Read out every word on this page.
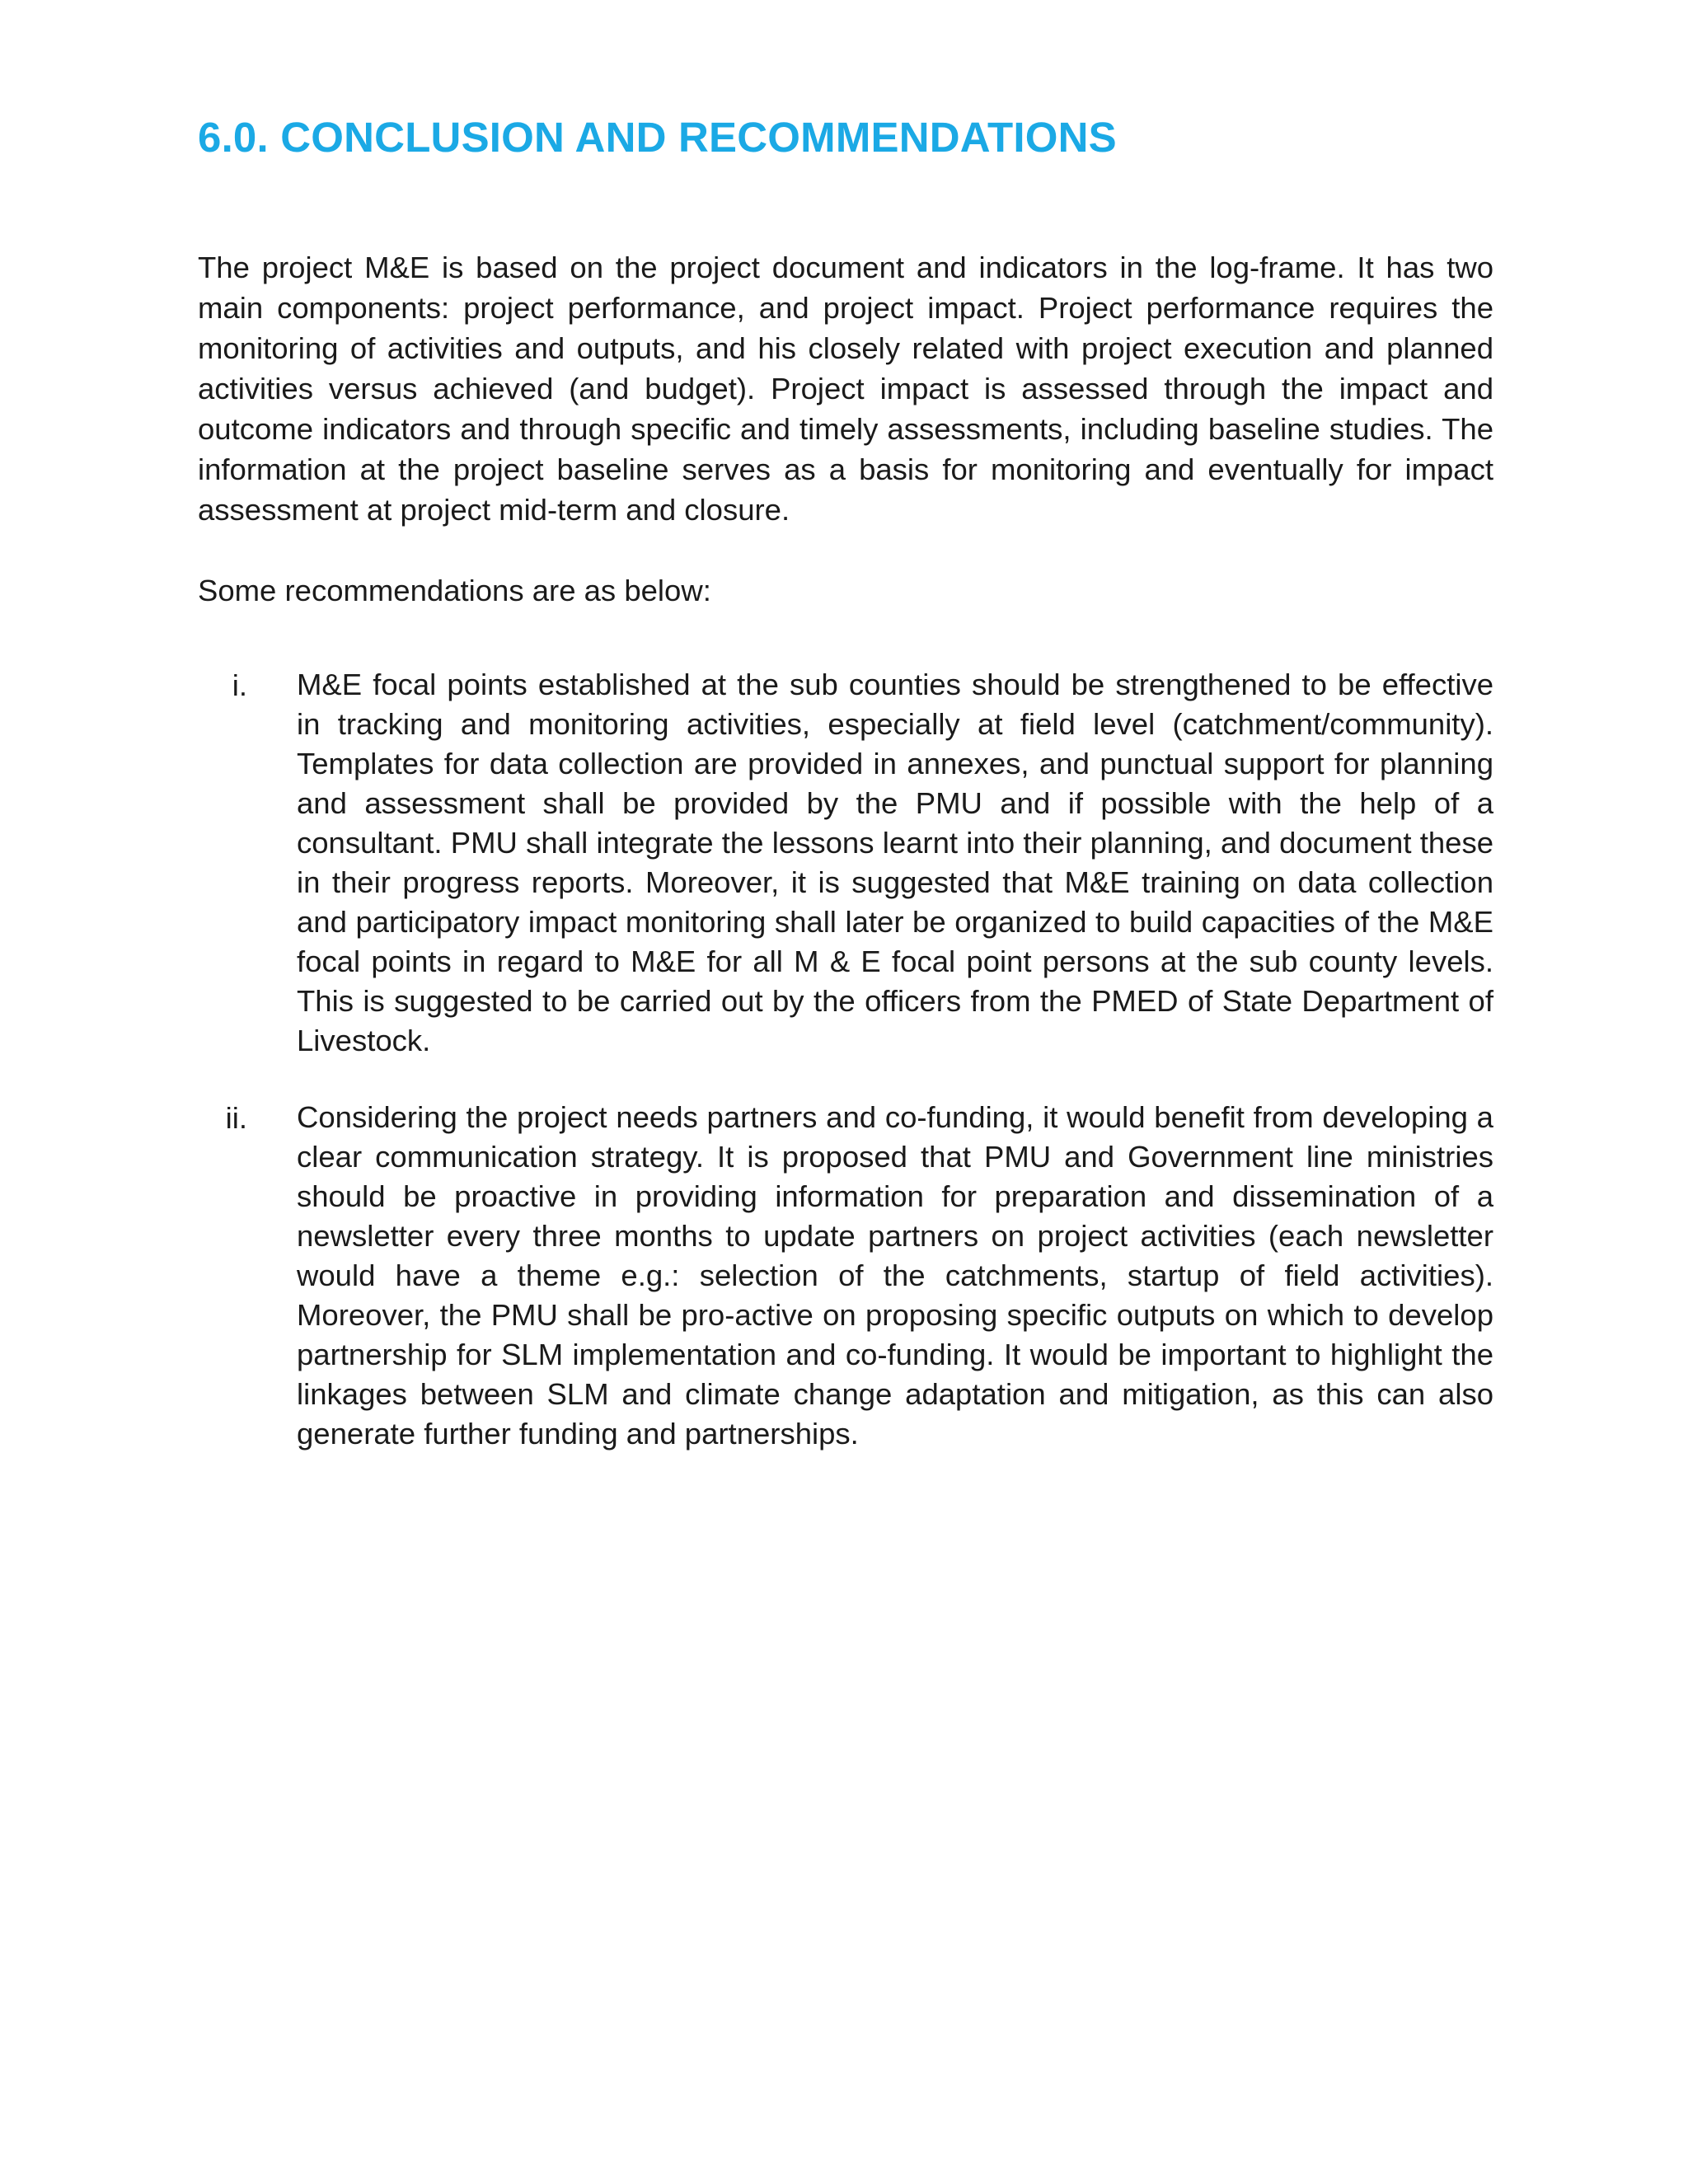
6.0. CONCLUSION AND RECOMMENDATIONS

The project M&E is based on the project document and indicators in the log-frame. It has two main components: project performance, and project impact. Project performance requires the monitoring of activities and outputs, and his closely related with project execution and planned activities versus achieved (and budget). Project impact is assessed through the impact and outcome indicators and through specific and timely assessments, including baseline studies. The information at the project baseline serves as a basis for monitoring and eventually for impact assessment at project mid-term and closure.

Some recommendations are as below:

i. M&E focal points established at the sub counties should be strengthened to be effective in tracking and monitoring activities, especially at field level (catchment/community). Templates for data collection are provided in annexes, and punctual support for planning and assessment shall be provided by the PMU and if possible with the help of a consultant. PMU shall integrate the lessons learnt into their planning, and document these in their progress reports. Moreover, it is suggested that M&E training on data collection and participatory impact monitoring shall later be organized to build capacities of the M&E focal points in regard to M&E for all M & E focal point persons at the sub county levels. This is suggested to be carried out by the officers from the PMED of State Department of Livestock.

ii. Considering the project needs partners and co-funding, it would benefit from developing a clear communication strategy. It is proposed that PMU and Government line ministries should be proactive in providing information for preparation and dissemination of a newsletter every three months to update partners on project activities (each newsletter would have a theme e.g.: selection of the catchments, startup of field activities). Moreover, the PMU shall be pro-active on proposing specific outputs on which to develop partnership for SLM implementation and co-funding. It would be important to highlight the linkages between SLM and climate change adaptation and mitigation, as this can also generate further funding and partnerships.
